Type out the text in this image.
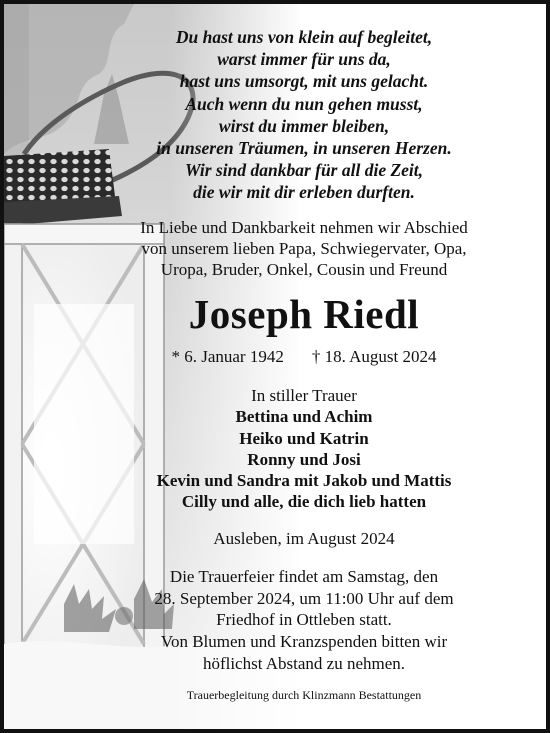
Du hast uns von klein auf begleitet,
warst immer für uns da,
hast uns umsorgt, mit uns gelacht.
Auch wenn du nun gehen musst,
wirst du immer bleiben,
in unseren Träumen, in unseren Herzen.
Wir sind dankbar für all die Zeit,
die wir mit dir erleben durften.
In Liebe und Dankbarkeit nehmen wir Abschied
von unserem lieben Papa, Schwiegervater, Opa,
Uropa, Bruder, Onkel, Cousin und Freund
Joseph Riedl
* 6. Januar 1942 † 18. August 2024
In stiller Trauer
Bettina und Achim
Heiko und Katrin
Ronny und Josi
Kevin und Sandra mit Jakob und Mattis
Cilly und alle, die dich lieb hatten
Ausleben, im August 2024
Die Trauerfeier findet am Samstag, den
28. September 2024, um 11:00 Uhr auf dem
Friedhof in Ottleben statt.
Von Blumen und Kranzspenden bitten wir
höflichst Abstand zu nehmen.
Trauerbegleitung durch Klinzmann Bestattungen
